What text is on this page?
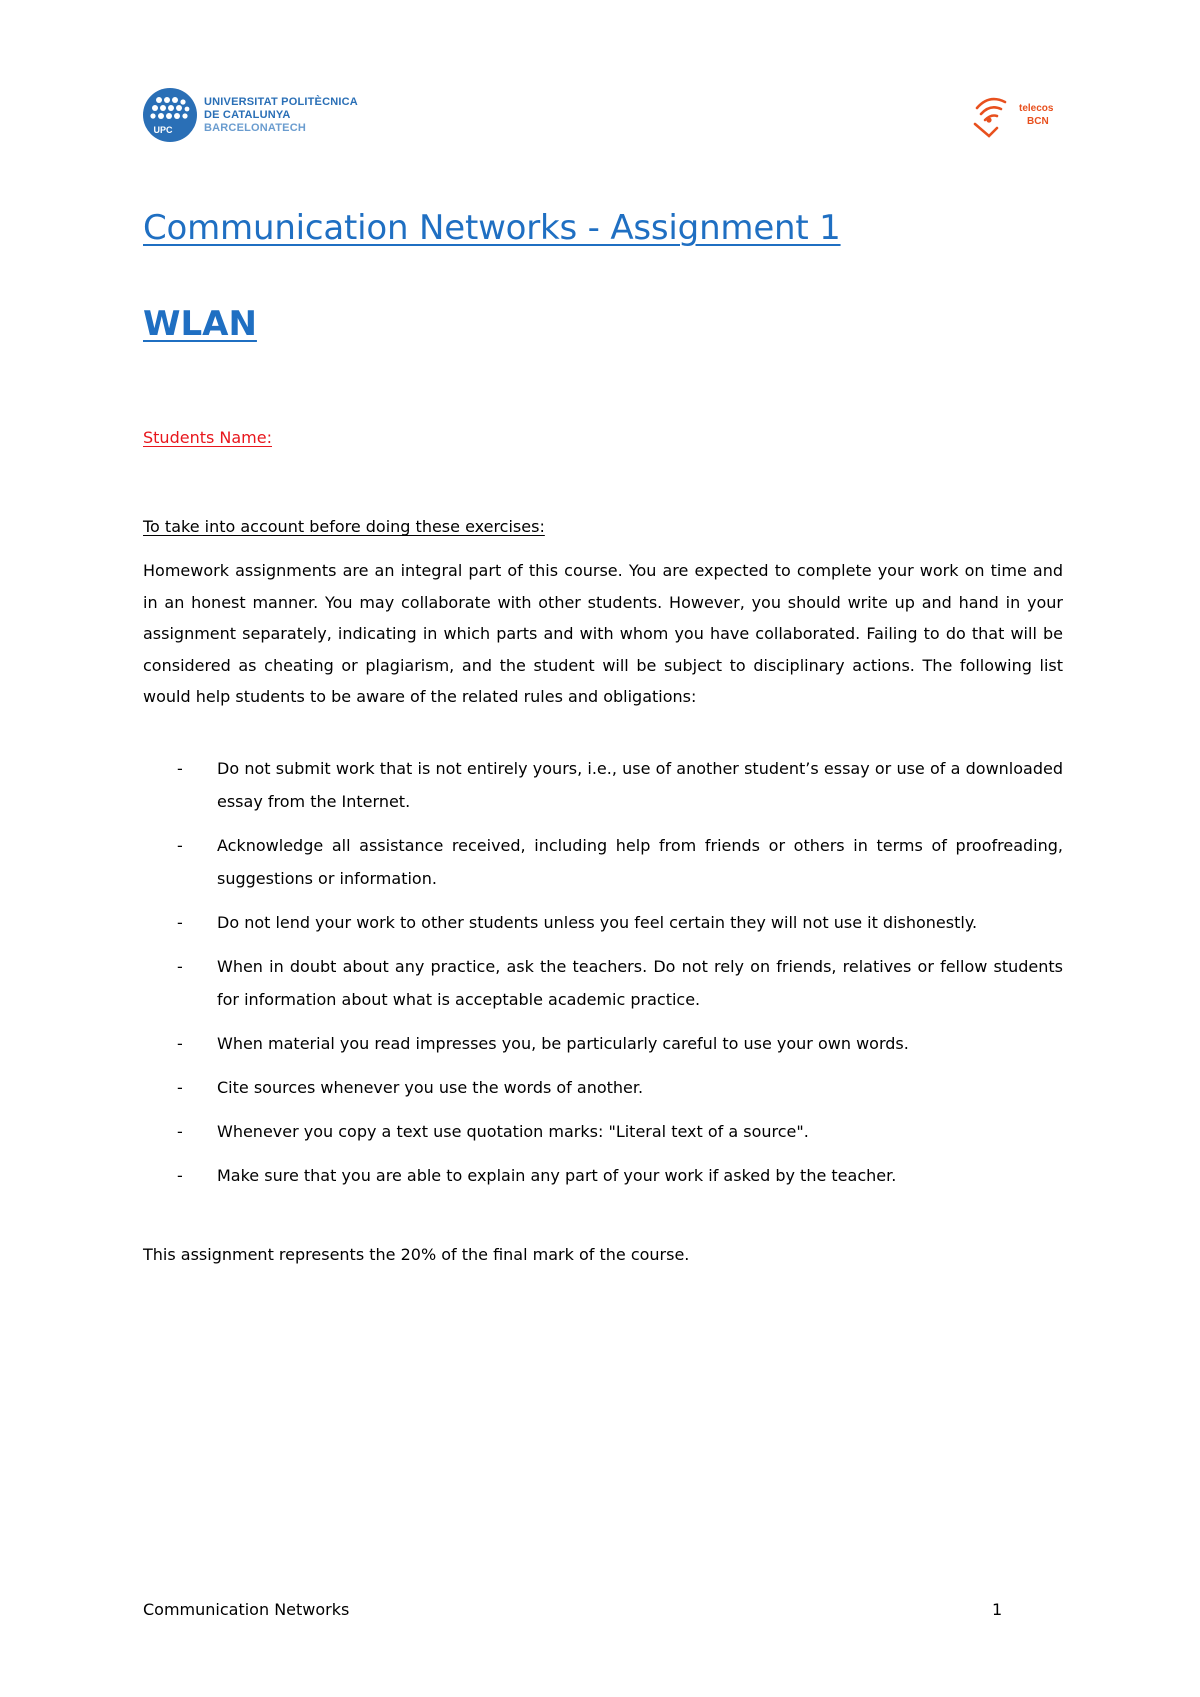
UPC
UNIVERSITAT POLITÈCNICA
DE CATALUNYA
BARCELONATECH
telecos
BCN
Communication Networks - Assignment 1
WLAN
Students Name:
To take into account before doing these exercises:

Homework assignments are an integral part of this course. You are expected to complete your work on time and in an honest manner. You may collaborate with other students. However, you should write up and hand in your assignment separately, indicating in which parts and with whom you have collaborated. Failing to do that will be considered as cheating or plagiarism, and the student will be subject to disciplinary actions. The following list would help students to be aware of the related rules and obligations:

- Do not submit work that is not entirely yours, i.e., use of another student’s essay or use of a downloaded essay from the Internet.
- Acknowledge all assistance received, including help from friends or others in terms of proofreading, suggestions or information.
- Do not lend your work to other students unless you feel certain they will not use it dishonestly.
- When in doubt about any practice, ask the teachers. Do not rely on friends, relatives or fellow students for information about what is acceptable academic practice.
- When material you read impresses you, be particularly careful to use your own words.
- Cite sources whenever you use the words of another.
- Whenever you copy a text use quotation marks: "Literal text of a source".
- Make sure that you are able to explain any part of your work if asked by the teacher.

This assignment represents the 20% of the final mark of the course.

Communication Networks	1
